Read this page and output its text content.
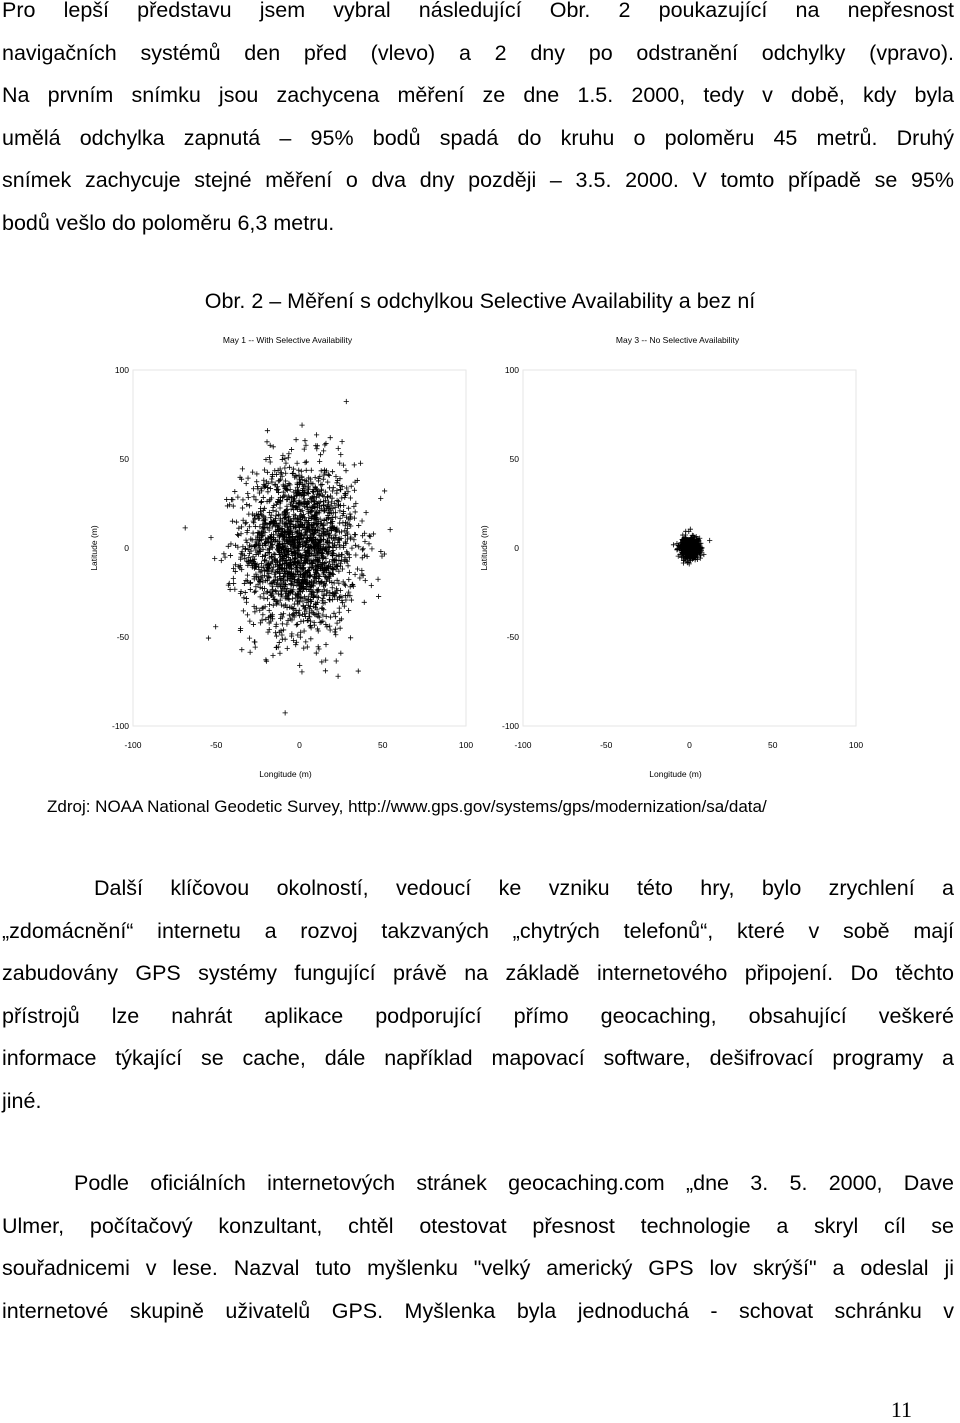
Pro lepší představu jsem vybral následující Obr. 2 poukazující na nepřesnost
navigačních systémů den před (vlevo) a 2 dny po odstranění odchylky (vpravo).
Na prvním snímku jsou zachycena měření ze dne 1.5. 2000, tedy v době, kdy byla
umělá odchylka zapnutá – 95% bodů spadá do kruhu o poloměru 45 metrů. Druhý
snímek zachycuje stejné měření o dva dny později – 3.5. 2000. V tomto případě se 95%
bodů vešlo do poloměru 6,3 metru.
Obr. 2 – Měření s odchylkou Selective Availability a bez ní
May 1 -- With Selective Availability
100
50
0
-50
-100
-100	-50	0	50	100
Longitude (m)
Latitude (m)
May 3 -- No Selective Availability
100
50
0
-50
-100
-100	-50	0	50	100
Longitude (m)
Latitude (m)
Zdroj: NOAA National Geodetic Survey, http://www.gps.gov/systems/gps/modernization/sa/data/
Další klíčovou okolností, vedoucí ke vzniku této hry, bylo zrychlení a
„zdomácnění“ internetu a rozvoj takzvaných „chytrých telefonů“, které v sobě mají
zabudovány GPS systémy fungující právě na základě internetového připojení. Do těchto
přístrojů lze nahrát aplikace podporující přímo geocaching, obsahující veškeré
informace týkající se cache, dále například mapovací software, dešifrovací programy a
jiné.
Podle oficiálních internetových stránek geocaching.com „dne 3. 5. 2000, Dave
Ulmer, počítačový konzultant, chtěl otestovat přesnost technologie a skryl cíl se
souřadnicemi v lese. Nazval tuto myšlenku "velký americký GPS lov skrýší" a odeslal ji
internetové skupině uživatelů GPS. Myšlenka byla jednoduchá - schovat schránku v
11
